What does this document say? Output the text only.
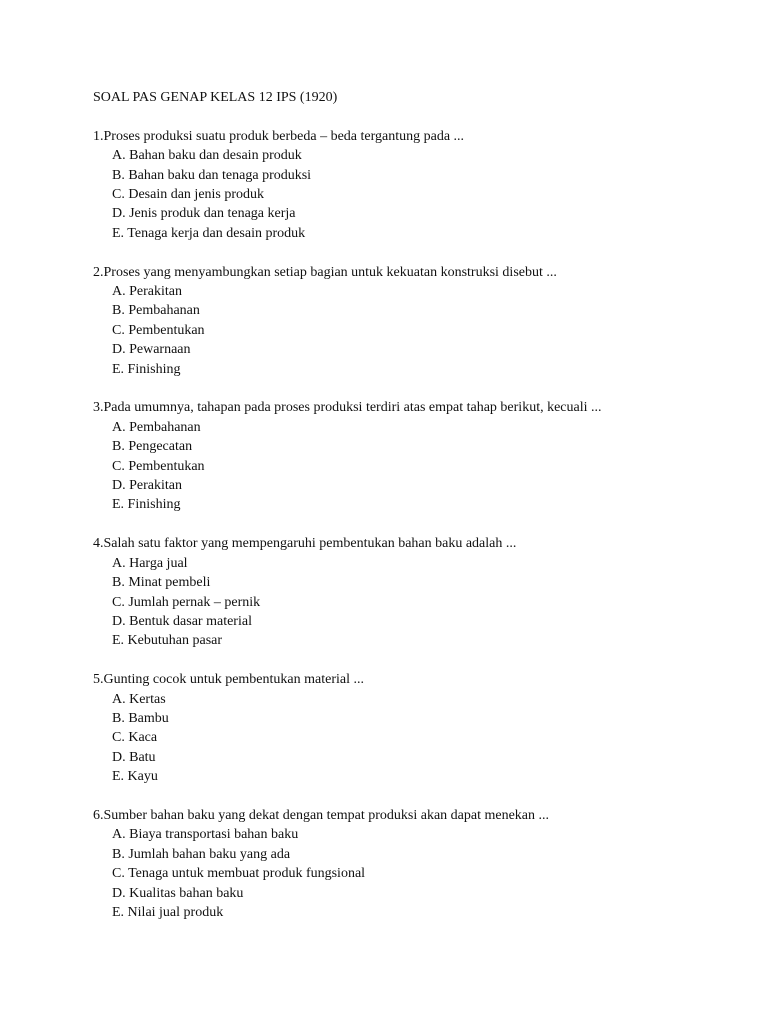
SOAL PAS GENAP KELAS 12 IPS (1920)
1.Proses produksi suatu produk berbeda – beda tergantung pada ...
A. Bahan baku dan desain produk
B. Bahan baku dan tenaga produksi
C. Desain dan jenis produk
D. Jenis produk dan tenaga kerja
E. Tenaga kerja dan desain produk
2.Proses yang menyambungkan setiap bagian untuk kekuatan konstruksi disebut ...
A. Perakitan
B. Pembahanan
C. Pembentukan
D. Pewarnaan
E. Finishing
3.Pada umumnya, tahapan pada proses produksi terdiri atas empat tahap berikut, kecuali ...
A. Pembahanan
B. Pengecatan
C. Pembentukan
D. Perakitan
E. Finishing
4.Salah satu faktor yang mempengaruhi pembentukan bahan baku adalah ...
A. Harga jual
B. Minat pembeli
C. Jumlah pernak – pernik
D. Bentuk dasar material
E. Kebutuhan pasar
5.Gunting cocok untuk pembentukan material ...
A. Kertas
B. Bambu
C. Kaca
D. Batu
E. Kayu
6.Sumber bahan baku yang dekat dengan tempat produksi akan dapat menekan ...
A. Biaya transportasi bahan baku
B. Jumlah bahan baku yang ada
C. Tenaga untuk membuat produk fungsional
D. Kualitas bahan baku
E. Nilai jual produk
